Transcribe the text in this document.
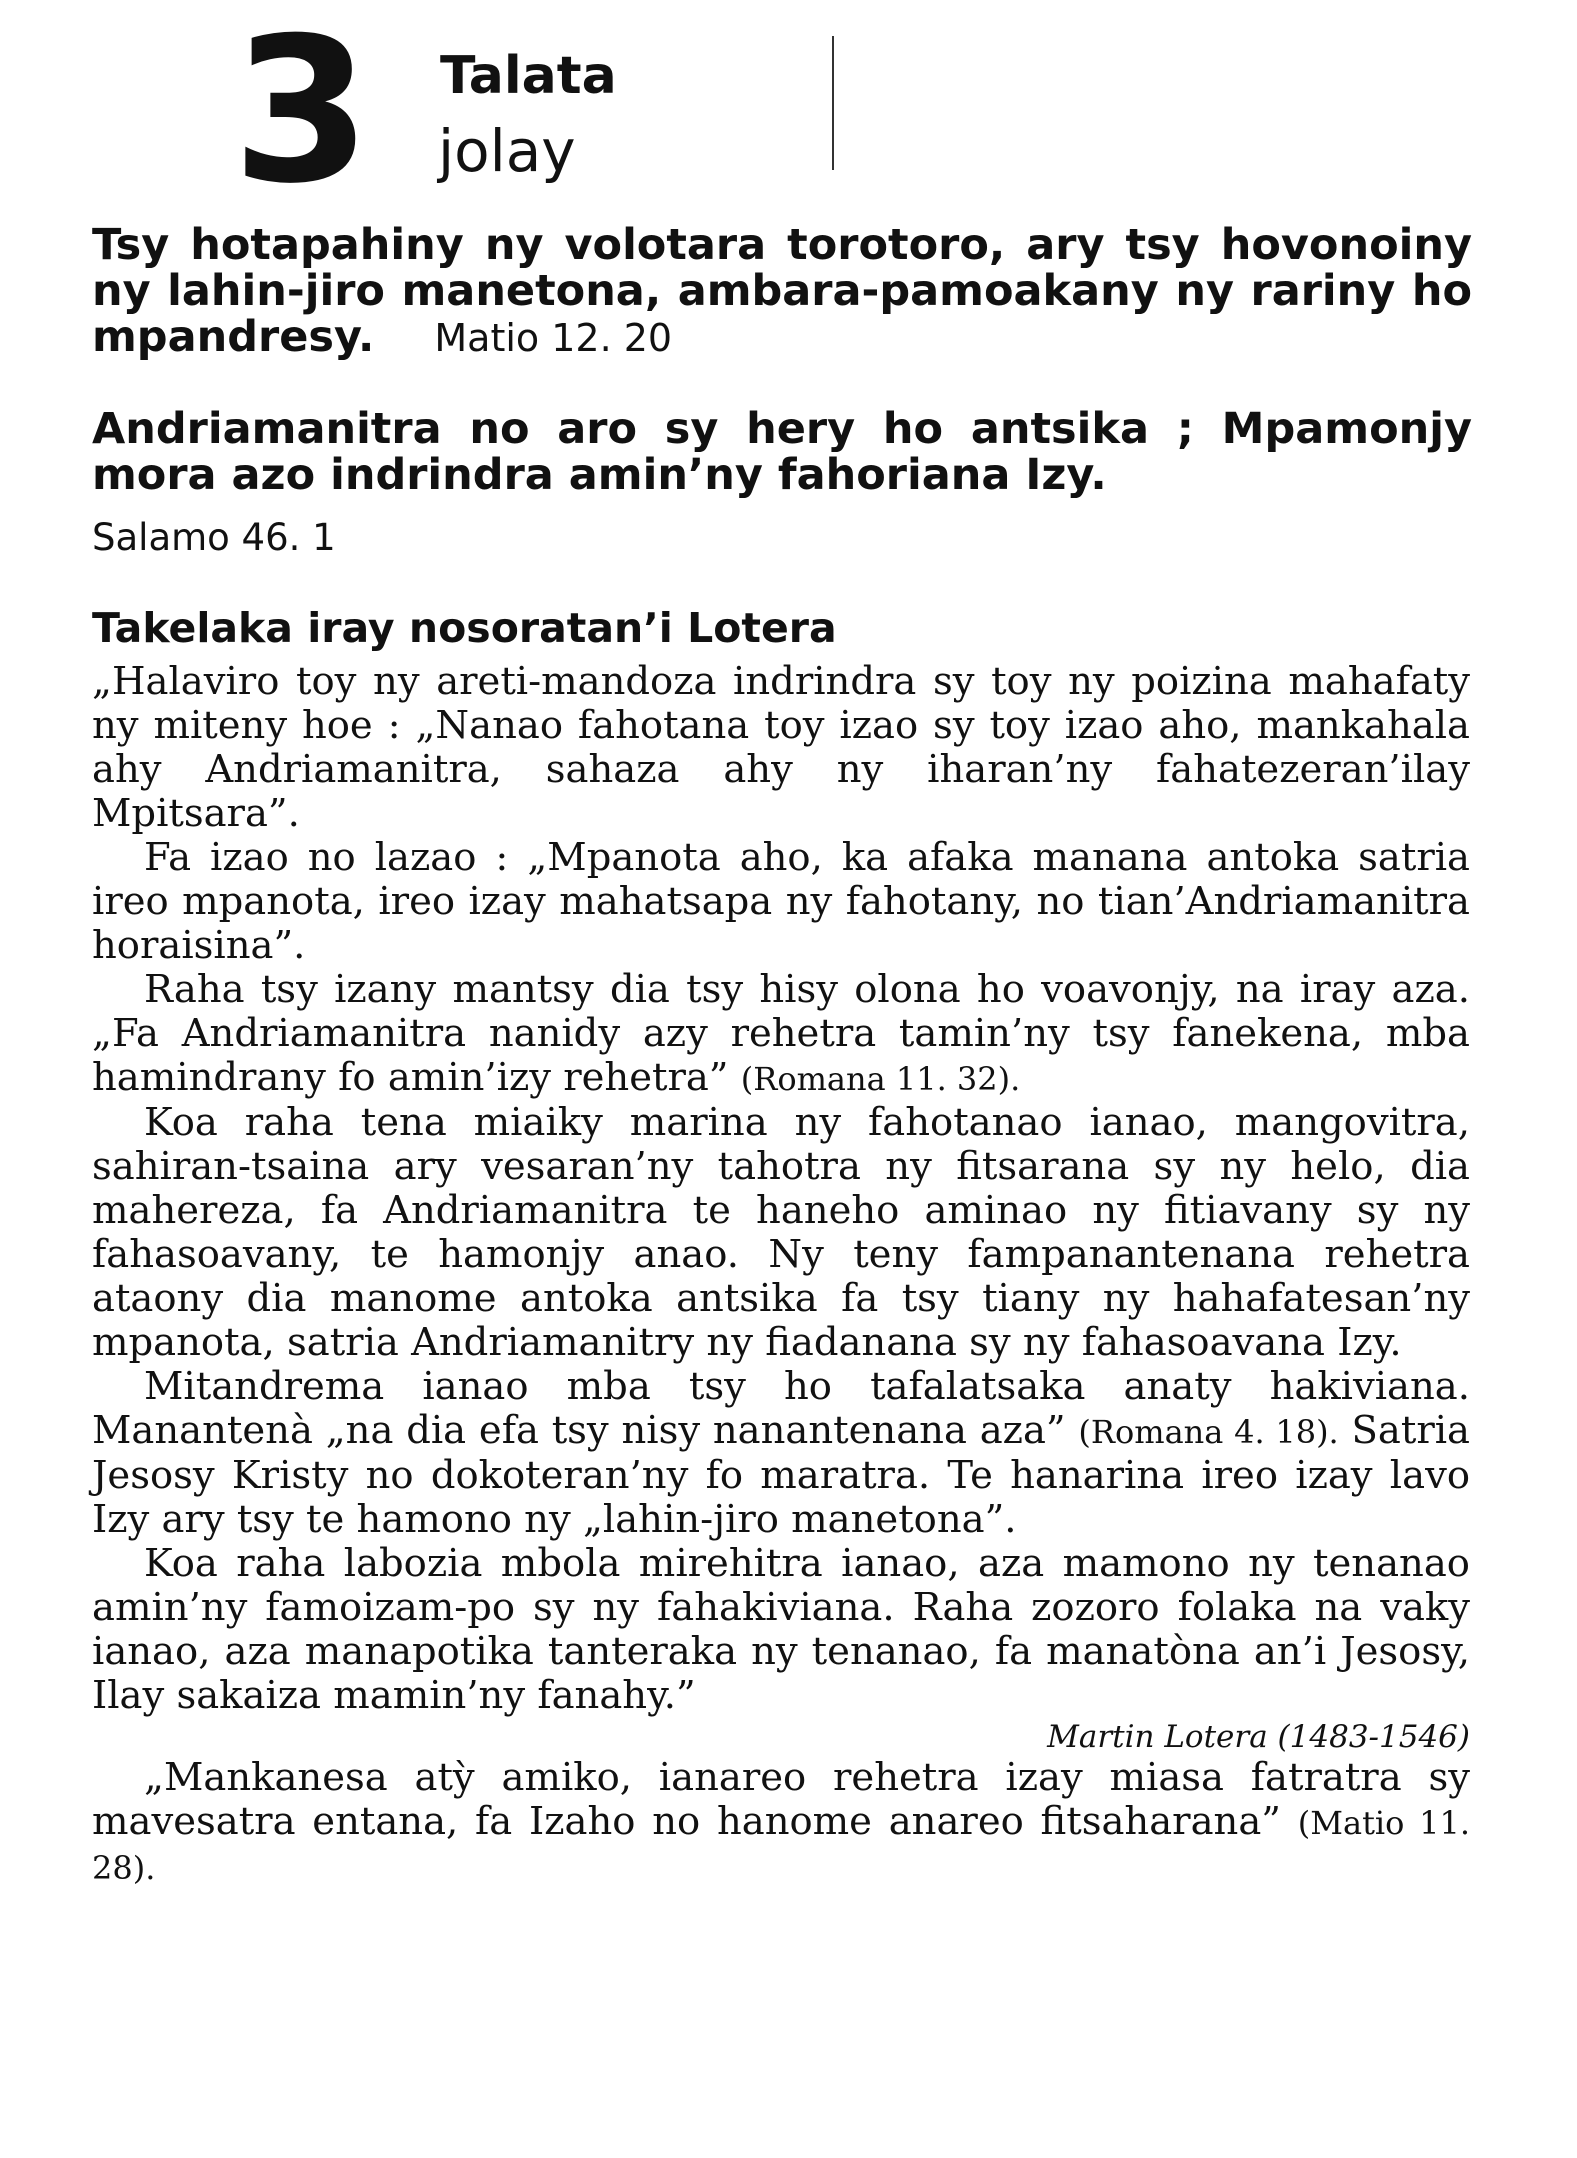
3 Talata
jolay
Tsy hotapahiny ny volotara torotoro, ary tsy hovonoiny ny lahin-jiro manetona, ambara-pamoakany ny rariny ho mpandresy. Matio 12. 20
Andriamanitra no aro sy hery ho antsika ; Mpamonjy mora azo indrindra amin’ny fahoriana Izy.
Salamo 46. 1
Takelaka iray nosoratan’i Lotera

„Halaviro toy ny areti-mandoza indrindra sy toy ny poizina mahafaty ny miteny hoe : „Nanao fahotana toy izao sy toy izao aho, mankahala ahy Andriamanitra, sahaza ahy ny iharan’ny fahatezeran’ilay Mpitsara”.

Fa izao no lazao : „Mpanota aho, ka afaka manana antoka satria ireo mpanota, ireo izay mahatsapa ny fahotany, no tian’Andriamanitra horaisina”.

Raha tsy izany mantsy dia tsy hisy olona ho voavonjy, na iray aza. „Fa Andriamanitra nanidy azy rehetra tamin’ny tsy fanekena, mba hamindrany fo amin’izy rehetra” (Romana 11. 32).

Koa raha tena miaiky marina ny fahotanao ianao, mangovitra, sahiran-tsaina ary vesaran’ny tahotra ny fitsarana sy ny helo, dia mahereza, fa Andriamanitra te haneho aminao ny fitiavany sy ny fahasoavany, te hamonjy anao. Ny teny fampanantenana rehetra ataony dia manome antoka antsika fa tsy tiany ny hahafatesan’ny mpanota, satria Andriamanitry ny fiadanana sy ny fahasoavana Izy.

Mitandrema ianao mba tsy ho tafalatsaka anaty hakiviana. Manantenà „na dia efa tsy nisy nanantenana aza” (Romana 4. 18). Satria Jesosy Kristy no dokoteran’ny fo maratra. Te hanarina ireo izay lavo Izy ary tsy te hamono ny „lahin-jiro manetona”.

Koa raha labozia mbola mirehitra ianao, aza mamono ny tenanao amin’ny famoizam-po sy ny fahakiviana. Raha zozoro folaka na vaky ianao, aza manapotika tanteraka ny tenanao, fa manatòna an’i Jesosy, Ilay sakaiza mamin’ny fanahy.”

Martin Lotera (1483-1546)

„Mankanesa atỳ amiko, ianareo rehetra izay miasa fatratra sy mavesatra entana, fa Izaho no hanome anareo fitsaharana” (Matio 11. 28).
